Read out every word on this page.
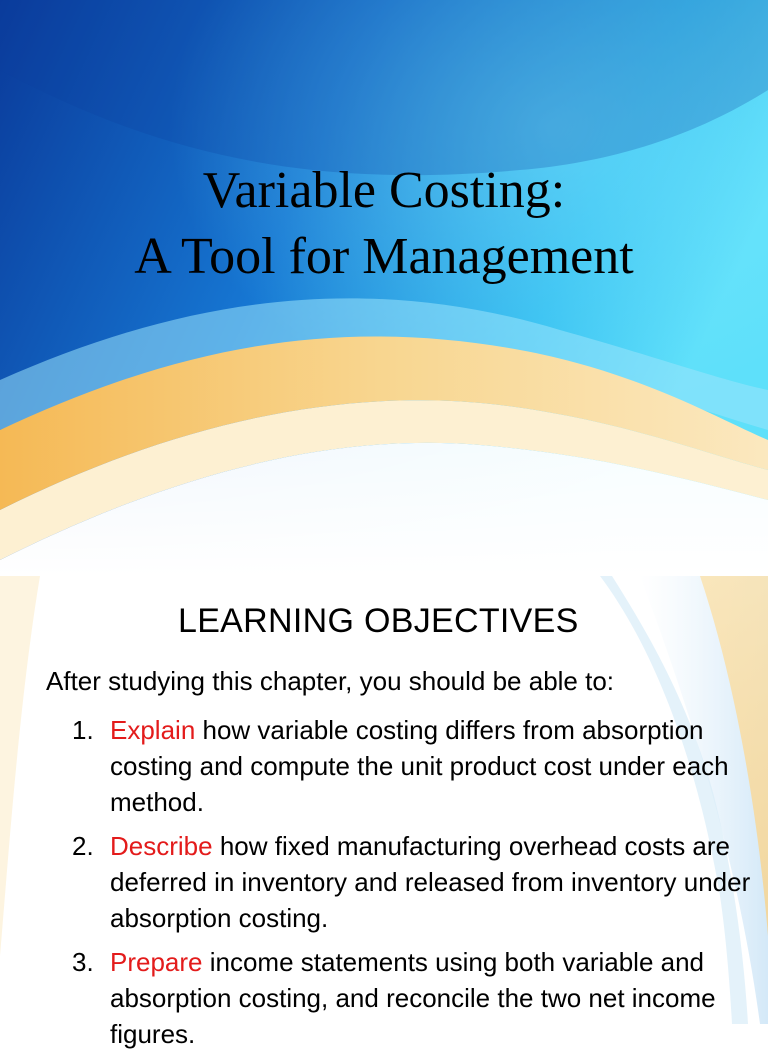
Variable Costing:
A Tool for Management
LEARNING OBJECTIVES
After studying this chapter, you should be able to:
1. Explain how variable costing differs from absorption costing and compute the unit product cost under each method.
2. Describe how fixed manufacturing overhead costs are deferred in inventory and released from inventory under absorption costing.
3. Prepare income statements using both variable and absorption costing, and reconcile the two net income figures.
